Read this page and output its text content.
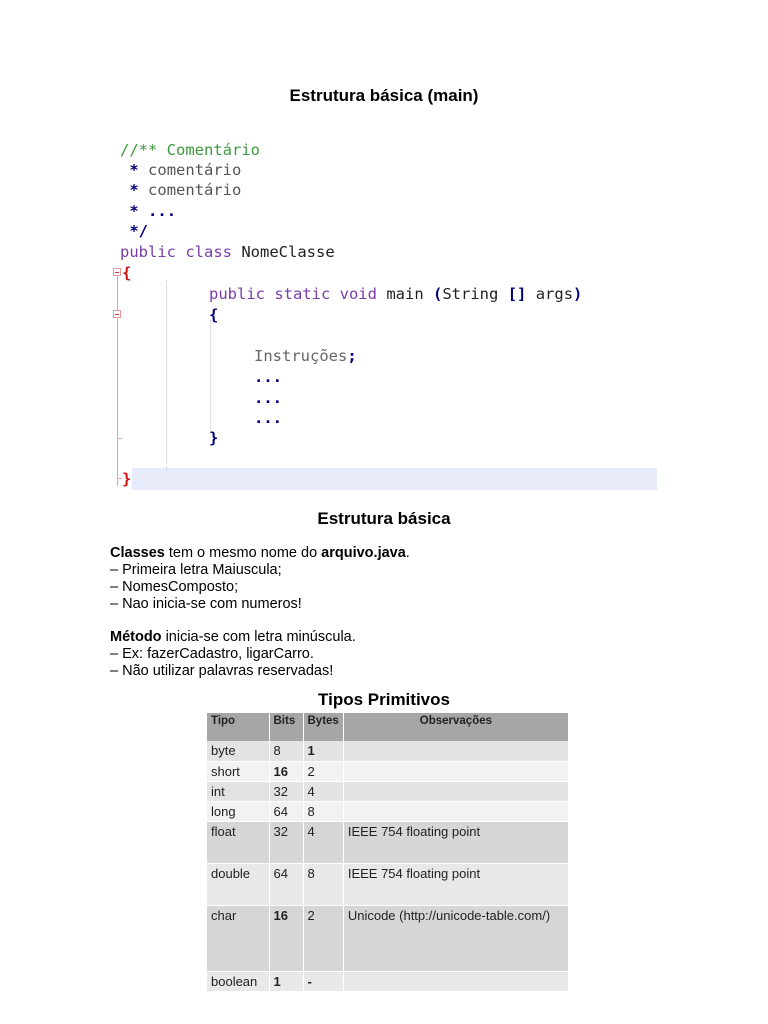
Estrutura básica (main)
//** Comentário
* comentário
* comentário
* ...
*/
public class NomeClasse
{
public static void main (String [] args)
{
Instruções;
...
...
...
}
}
Estrutura básica
Classes tem o mesmo nome do arquivo.java.
– Primeira letra Maiuscula;
– NomesComposto;
– Nao inicia-se com numeros!
Método inicia-se com letra minúscula.
– Ex: fazerCadastro, ligarCarro.
– Não utilizar palavras reservadas!
Tipos Primitivos
Tipo	Bits	Bytes	Observações
byte	8	1	
short	16	2	
int	32	4	
long	64	8	
float	32	4	IEEE 754 floating point
double	64	8	IEEE 754 floating point
char	16	2	Unicode (http://unicode-table.com/)
boolean	1	-	
